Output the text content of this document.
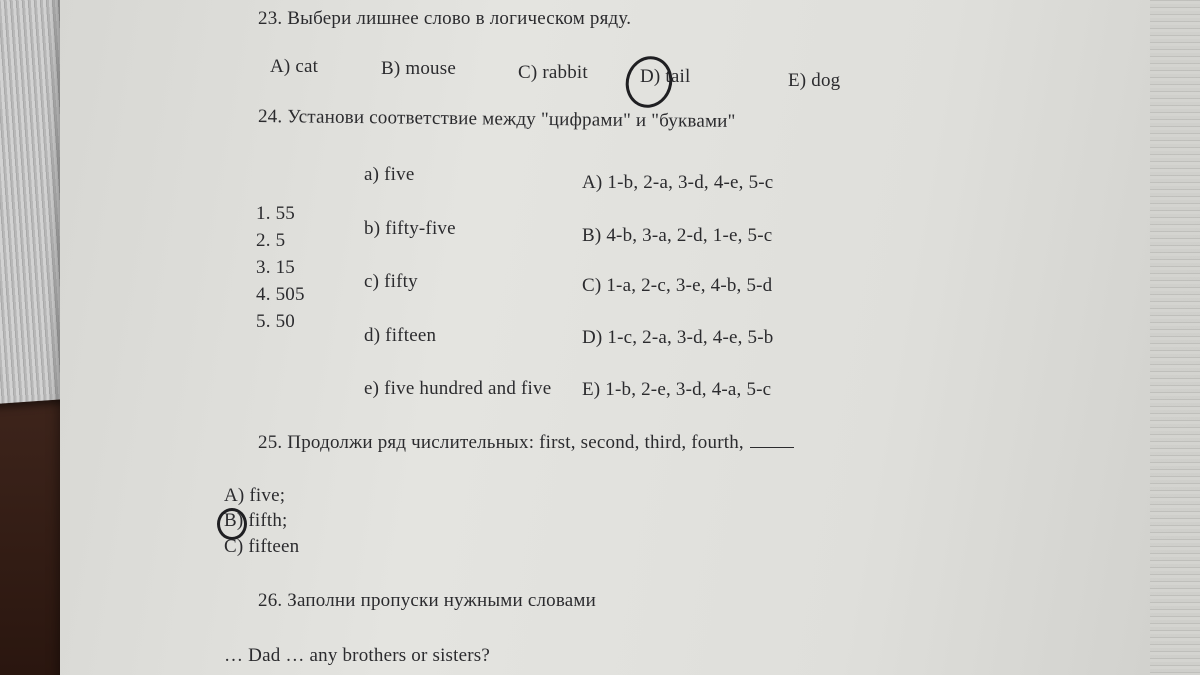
23. Выбери лишнее слово в логическом ряду.
A) cat	B) mouse	C) rabbit	D) tail	E) dog
24. Установи соответствие между "цифрами" и "буквами"
a) five
b) fifty-five
c) fifty
d) fifteen
e) five hundred and five
1. 55
2. 5
3. 15
4. 505
5. 50
A) 1-b, 2-a, 3-d, 4-e, 5-c
B) 4-b, 3-a, 2-d, 1-e, 5-c
C) 1-a, 2-c, 3-e, 4-b, 5-d
D) 1-c, 2-a, 3-d, 4-e, 5-b
E) 1-b, 2-e, 3-d, 4-a, 5-c
25. Продолжи ряд числительных: first, second, third, fourth,
A) five;
B) fifth;
C) fifteen
26. Заполни пропуски нужными словами
… Dad … any brothers or sisters?
